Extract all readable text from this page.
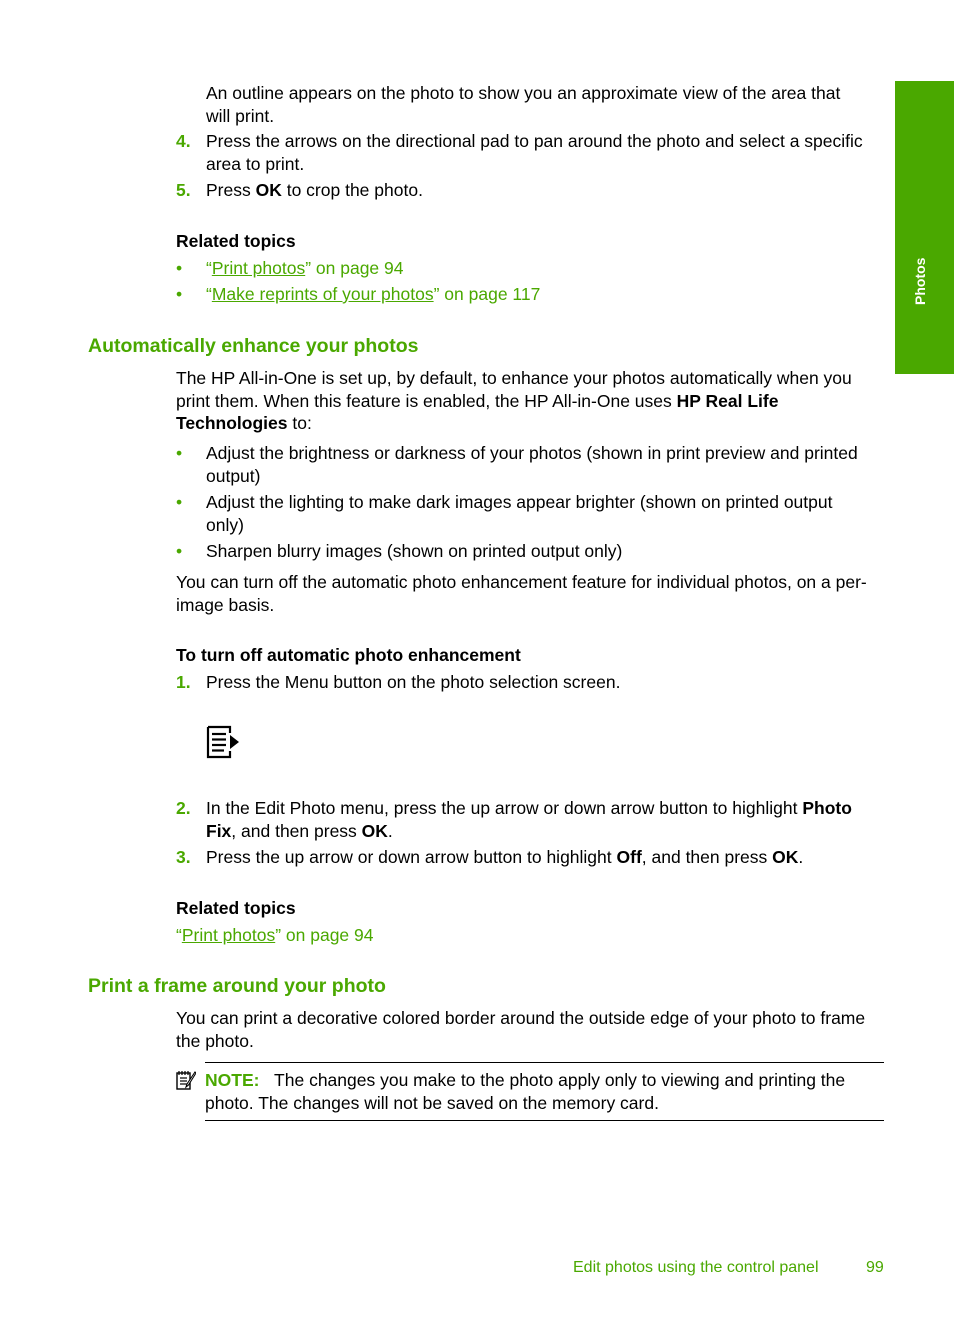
Photos
An outline appears on the photo to show you an approximate view of the area that
will print.
4. Press the arrows on the directional pad to pan around the photo and select a specific
area to print.
5. Press OK to crop the photo.
Related topics
• “Print photos” on page 94
• “Make reprints of your photos” on page 117
Automatically enhance your photos
The HP All-in-One is set up, by default, to enhance your photos automatically when you
print them. When this feature is enabled, the HP All-in-One uses HP Real Life
Technologies to:
• Adjust the brightness or darkness of your photos (shown in print preview and printed
output)
• Adjust the lighting to make dark images appear brighter (shown on printed output
only)
• Sharpen blurry images (shown on printed output only)
You can turn off the automatic photo enhancement feature for individual photos, on a per-
image basis.
To turn off automatic photo enhancement
1. Press the Menu button on the photo selection screen.
2. In the Edit Photo menu, press the up arrow or down arrow button to highlight Photo
Fix, and then press OK.
3. Press the up arrow or down arrow button to highlight Off, and then press OK.
Related topics
“Print photos” on page 94
Print a frame around your photo
You can print a decorative colored border around the outside edge of your photo to frame
the photo.
NOTE: The changes you make to the photo apply only to viewing and printing the
photo. The changes will not be saved on the memory card.
Edit photos using the control panel	99
